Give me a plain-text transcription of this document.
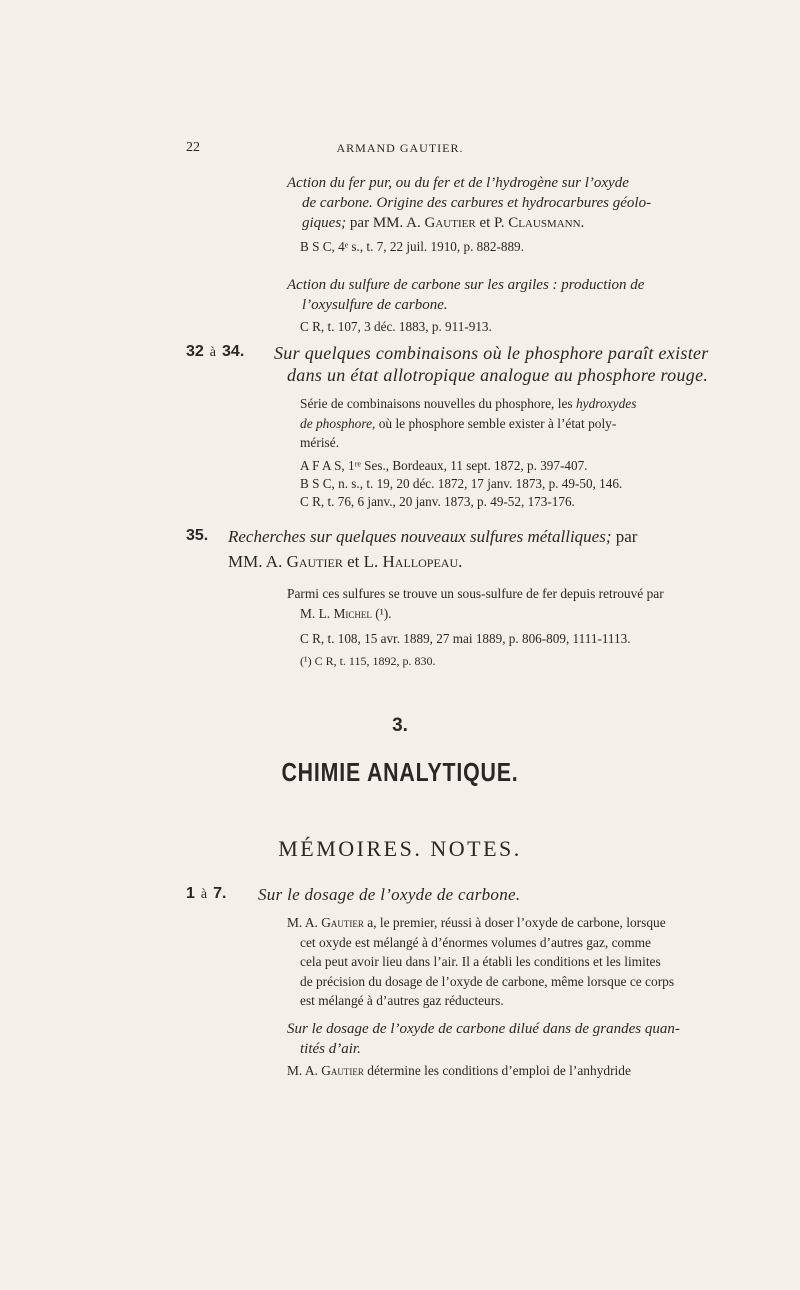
22	ARMAND GAUTIER.
Action du fer pur, ou du fer et de l’hydrogène sur l’oxyde
de carbone. Origine des carbures et hydrocarbures géolo-
giques; par MM. A. Gautier et P. Clausmann.
B S C, 4ᵉ s., t. 7, 22 juil. 1910, p. 882-889.
Action du sulfure de carbone sur les argiles : production de
l’oxysulfure de carbone.
C R, t. 107, 3 déc. 1883, p. 911-913.
32 à 34. Sur quelques combinaisons où le phosphore paraît exister
dans un état allotropique analogue au phosphore rouge.
Série de combinaisons nouvelles du phosphore, les hydroxydes
de phosphore, où le phosphore semble exister à l’état poly-
mérisé.
A F A S, 1ʳᵉ Ses., Bordeaux, 11 sept. 1872, p. 397-407.
B S C, n. s., t. 19, 20 déc. 1872, 17 janv. 1873, p. 49-50, 146.
C R, t. 76, 6 janv., 20 janv. 1873, p. 49-52, 173-176.
35. Recherches sur quelques nouveaux sulfures métalliques; par
MM. A. Gautier et L. Hallopeau.
Parmi ces sulfures se trouve un sous-sulfure de fer depuis retrouvé par
M. L. Michel (¹).
C R, t. 108, 15 avr. 1889, 27 mai 1889, p. 806-809, 1111-1113.
(¹) C R, t. 115, 1892, p. 830.
3.
CHIMIE ANALYTIQUE.
MÉMOIRES. NOTES.
1 à 7. Sur le dosage de l’oxyde de carbone.
M. A. Gautier a, le premier, réussi à doser l’oxyde de carbone, lorsque
cet oxyde est mélangé à d’énormes volumes d’autres gaz, comme
cela peut avoir lieu dans l’air. Il a établi les conditions et les limites
de précision du dosage de l’oxyde de carbone, même lorsque ce corps
est mélangé à d’autres gaz réducteurs.
Sur le dosage de l’oxyde de carbone dilué dans de grandes quan-
tités d’air.
M. A. Gautier détermine les conditions d’emploi de l’anhydride
